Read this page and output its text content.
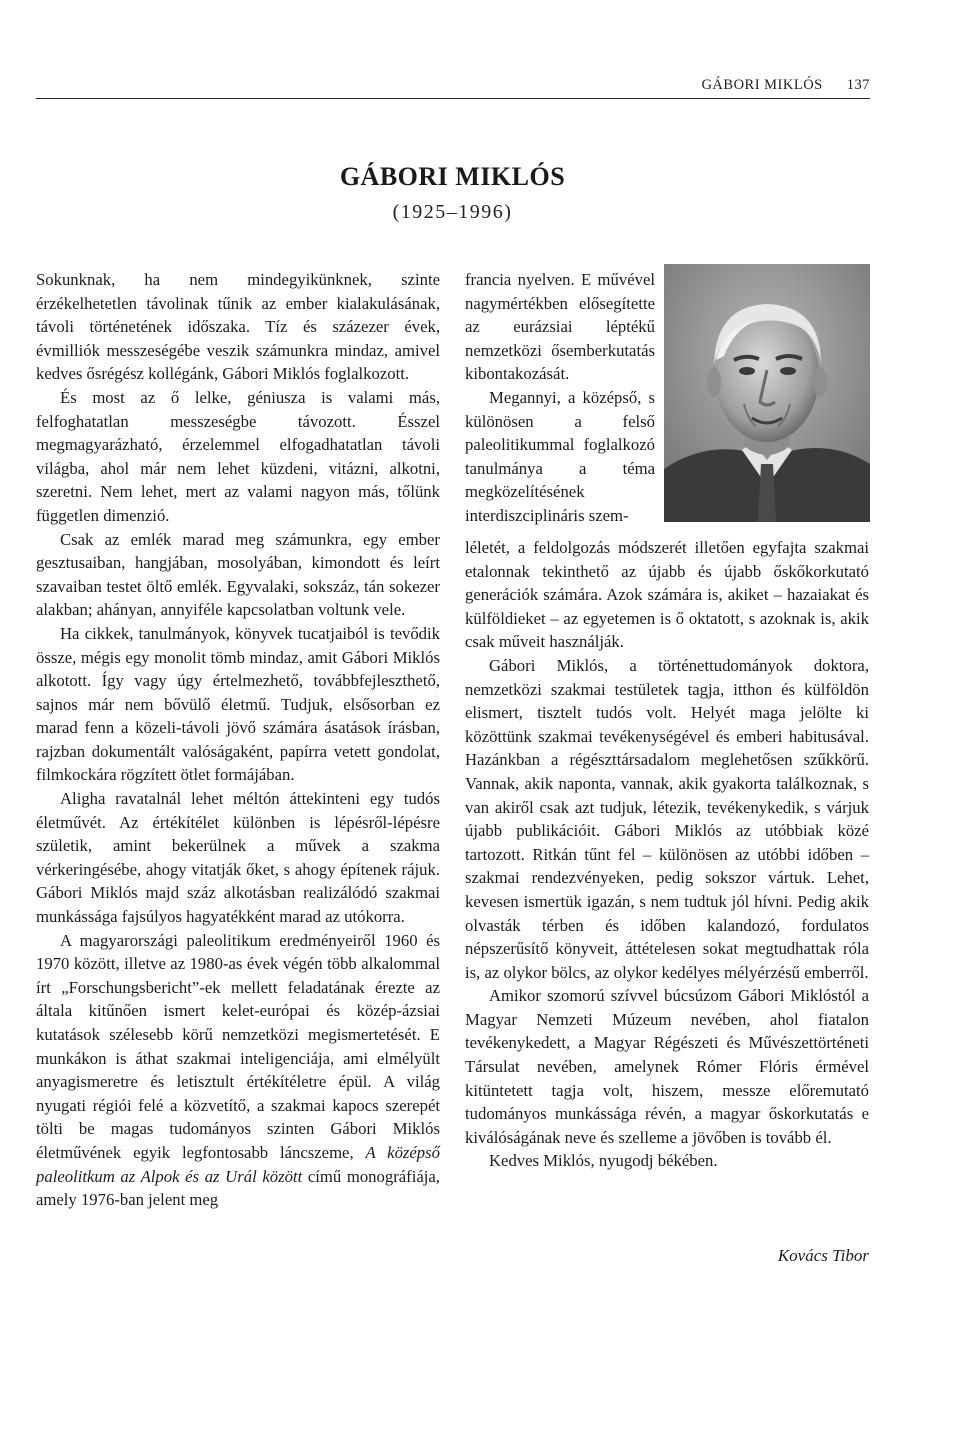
GÁBORI MIKLÓS 137
GÁBORI MIKLÓS
(1925–1996)

Sokunknak, ha nem mindegyikünknek, szinte érzékelhetetlen távolinak tűnik az ember kialakulásának, távoli történetének időszaka. Tíz és százezer évek, évmilliók messzeségébe veszik számunkra mindaz, amivel kedves ősrégész kollégánk, Gábori Miklós foglalkozott.

És most az ő lelke, géniusza is valami más, felfoghatatlan messzeségbe távozott. Ésszel megmagyarázható, érzelemmel elfogadhatatlan távoli világba, ahol már nem lehet küzdeni, vitázni, alkotni, szeretni. Nem lehet, mert az valami nagyon más, tőlünk független dimenzió.

Csak az emlék marad meg számunkra, egy ember gesztusaiban, hangjában, mosolyában, kimondott és leírt szavaiban testet öltő emlék. Egyvalaki, sokszáz, tán sokezer alakban; ahányan, annyiféle kapcsolatban voltunk vele.

Ha cikkek, tanulmányok, könyvek tucatjaiból is tevődik össze, mégis egy monolit tömb mindaz, amit Gábori Miklós alkotott. Így vagy úgy értelmezhető, továbbfejleszthető, sajnos már nem bővülő életmű. Tudjuk, elsősorban ez marad fenn a közeli-távoli jövő számára ásatások írásban, rajzban dokumentált valóságaként, papírra vetett gondolat, filmkockára rögzített ötlet formájában.

Aligha ravatalnál lehet méltón áttekinteni egy tudós életművét. Az értékítélet különben is lépésről-lépésre születik, amint bekerülnek a művek a szakma vérkeringésébe, ahogy vitatják őket, s ahogy építenek rájuk. Gábori Miklós majd száz alkotásban realizálódó szakmai munkássága fajsúlyos hagyatékként marad az utókorra.

A magyarországi paleolitikum eredményeiről 1960 és 1970 között, illetve az 1980-as évek végén több alkalommal írt „Forschungsbericht”-ek mellett feladatának érezte az általa kitűnően ismert kelet-európai és közép-ázsiai kutatások szélesebb körű nemzetközi megismertetését. E munkákon is áthat szakmai inteligenciája, ami elmélyült anyagismeretre és letisztult értékítéletre épül. A világ nyugati régiói felé a közvetítő, a szakmai kapocs szerepét tölti be magas tudományos szinten Gábori Miklós életművének egyik legfontosabb láncszeme, A középső paleolitkum az Alpok és az Urál között című monográfiája, amely 1976-ban jelent meg

francia nyelven. E művével nagymértékben elősegítette az eurázsiai léptékű nemzetközi ősemberkutatás kibontakozását.

Megannyi, a középső, s különösen a felső paleolitikummal foglalkozó tanulmánya a téma megközelítésének interdiszciplináris szem-

léletét, a feldolgozás módszerét illetően egyfajta szakmai etalonnak tekinthető az újabb és újabb őskőkorkutató generációk számára. Azok számára is, akiket – hazaiakat és külföldieket – az egyetemen is ő oktatott, s azoknak is, akik csak műveit használják.

Gábori Miklós, a történettudományok doktora, nemzetközi szakmai testületek tagja, itthon és külföldön elismert, tisztelt tudós volt. Helyét maga jelölte ki közöttünk szakmai tevékenységével és emberi habitusával. Hazánkban a régészttársadalom meglehetősen szűkkörű. Vannak, akik naponta, vannak, akik gyakorta találkoznak, s van akiről csak azt tudjuk, létezik, tevékenykedik, s várjuk újabb publikációit. Gábori Miklós az utóbbiak közé tartozott. Ritkán tűnt fel – különösen az utóbbi időben – szakmai rendezvényeken, pedig sokszor vártuk. Lehet, kevesen ismertük igazán, s nem tudtuk jól hívni. Pedig akik olvasták térben és időben kalandozó, fordulatos népszerűsítő könyveit, áttételesen sokat megtudhattak róla is, az olykor bölcs, az olykor kedélyes mélyérzésű emberről.

Amikor szomorú szívvel búcsúzom Gábori Miklóstól a Magyar Nemzeti Múzeum nevében, ahol fiatalon tevékenykedett, a Magyar Régészeti és Művészettörténeti Társulat nevében, amelynek Rómer Flóris érmével kitüntetett tagja volt, hiszem, messze előremutató tudományos munkássága révén, a magyar őskorkutatás e kiválóságának neve és szelleme a jövőben is tovább él.

Kedves Miklós, nyugodj békében.

Kovács Tibor
